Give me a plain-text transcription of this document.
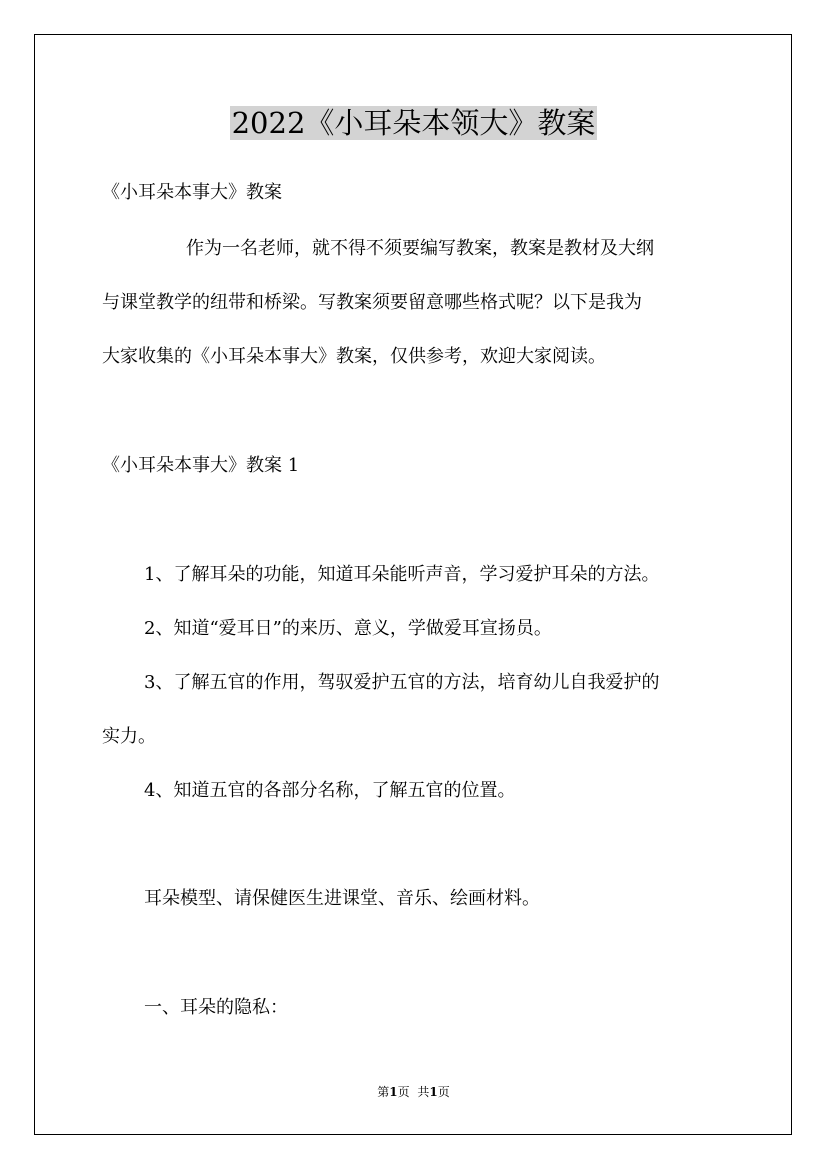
2022《小耳朵本领大》教案
《小耳朵本事大》教案
作为一名老师，就不得不须要编写教案，教案是教材及大纲
与课堂教学的纽带和桥梁。写教案须要留意哪些格式呢？以下是我为
大家收集的《小耳朵本事大》教案，仅供参考，欢迎大家阅读。
《小耳朵本事大》教案 1
1、了解耳朵的功能，知道耳朵能听声音，学习爱护耳朵的方法。
2、知道“爱耳日”的来历、意义，学做爱耳宣扬员。
3、了解五官的作用，驾驭爱护五官的方法，培育幼儿自我爱护的
实力。
4、知道五官的各部分名称，了解五官的位置。
耳朵模型、请保健医生进课堂、音乐、绘画材料。
一、耳朵的隐私：
第1页 共1页
